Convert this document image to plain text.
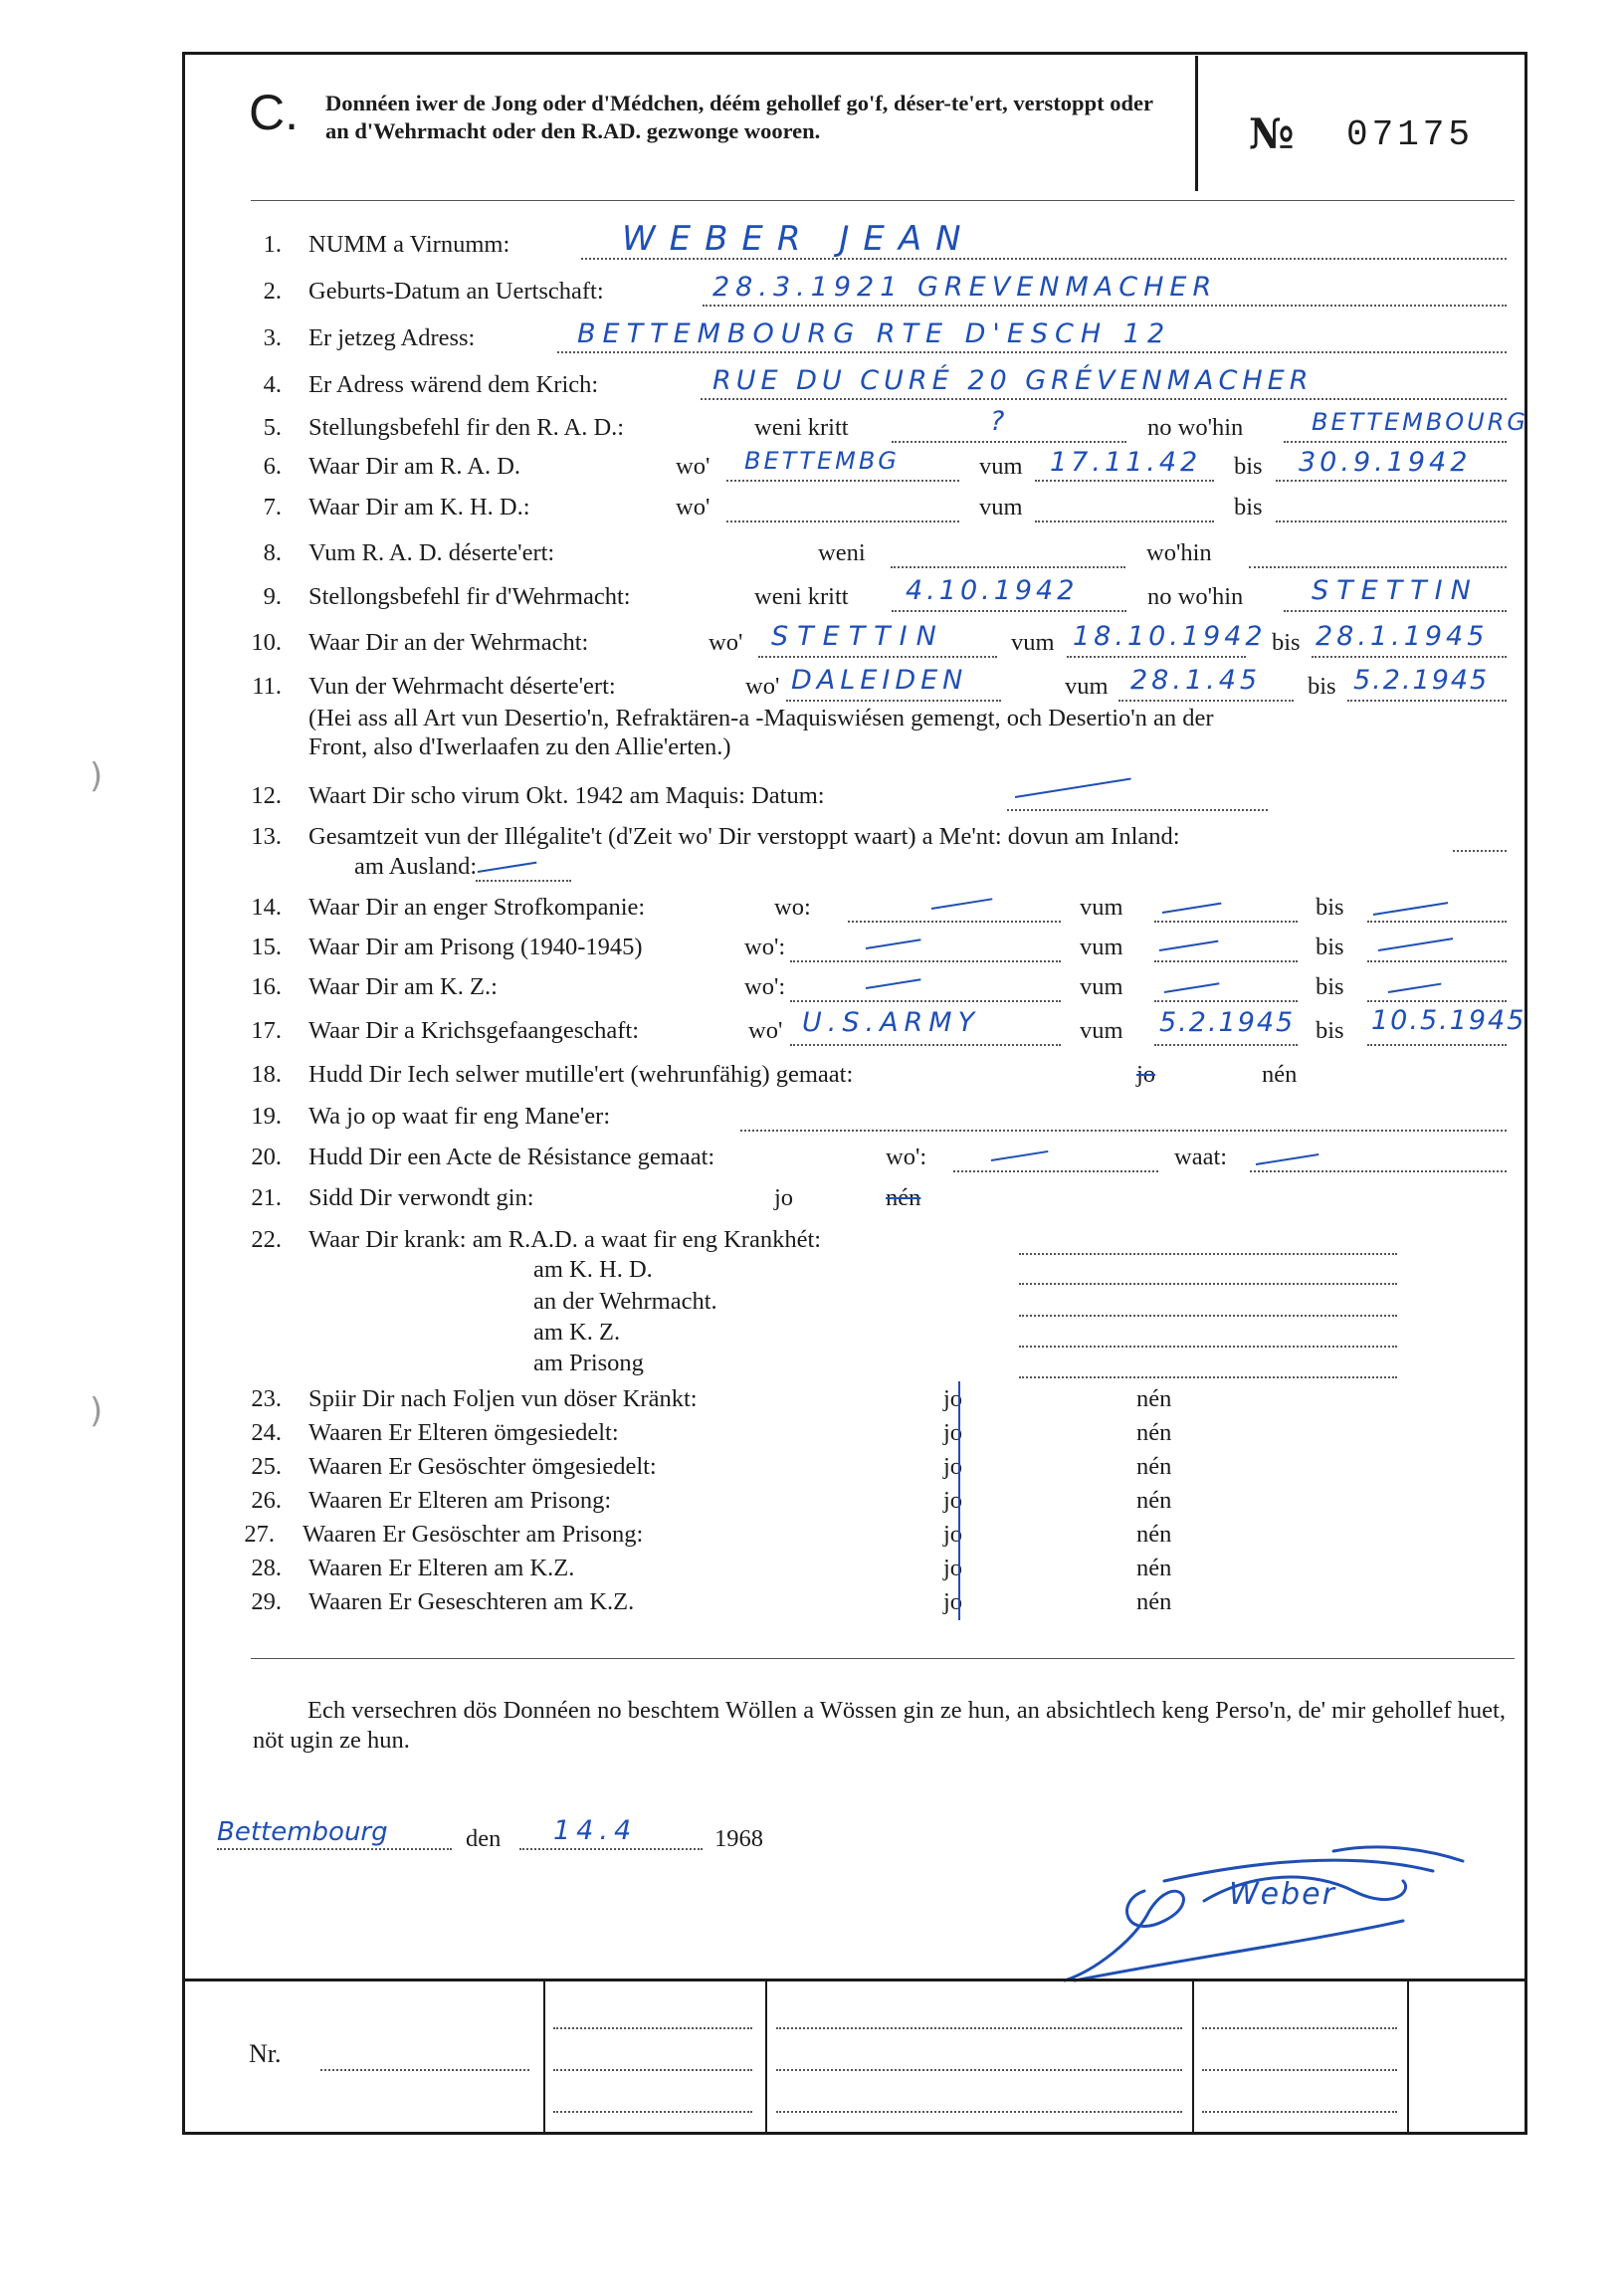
)
)
C. Donnéen iwer de Jong oder d'Médchen, déém gehollef go'f, déser-te'ert, verstoppt oder an d'Wehrmacht oder den R.AD. gezwonge wooren.	№ 07175
1. NUMM a Virnumm:	WEBER JEAN
2. Geburts-Datum an Uertschaft:	28.3.1921 GREVENMACHER
3. Er jetzeg Adress:	BETTEMBOURG RTE D'ESCH 12
4. Er Adress wärend dem Krich:	RUE DU CURÉ 20 GRÉVENMACHER
5. Stellungsbefehl fir den R. A. D.:	weni kritt	?	no wo'hin	BETTEMBOURG
6. Waar Dir am R. A. D.	wo' BETTEMBG	vum 17.11.42 bis 30.9.1942
7. Waar Dir am K. H. D.:	wo'	vum	bis
8. Vum R. A. D. déserte'ert:	weni	wo'hin
9. Stellongsbefehl fir d'Wehrmacht:	weni kritt 4.10.1942	no wo'hin	STETTIN
10. Waar Dir an der Wehrmacht:	wo' STETTIN	vum 18.10.1942 bis 28.1.1945
11. Vun der Wehrmacht déserte'ert:	wo' DALEIDEN	vum 28.1.45 bis 5.2.1945
(Hei ass all Art vun Desertio'n, Refraktären-a -Maquiswiésen gemengt, och Desertio'n an der
Front, also d'Iwerlaafen zu den Allie'erten.)
12. Waart Dir scho virum Okt. 1942 am Maquis: Datum:
13. Gesamtzeit vun der Illégalite't (d'Zeit wo' Dir verstoppt waart) a Me'nt: dovun am Inland:
am Ausland:
14. Waar Dir an enger Strofkompanie:	wo:	vum	bis
15. Waar Dir am Prisong (1940-1945)	wo':	vum	bis
16. Waar Dir am K. Z.:	wo':	vum	bis
17. Waar Dir a Krichsgefaangeschaft:	wo' U.S.ARMY	vum 5.2.1945 bis 10.5.1945
18. Hudd Dir Iech selwer mutille'ert (wehrunfähig) gemaat:	jo	nén
19. Wa jo op waat fir eng Mane'er:
20. Hudd Dir een Acte de Résistance gemaat:	wo':	waat:
21. Sidd Dir verwondt gin:	jo	nén
22. Waar Dir krank: am R.A.D. a waat fir eng Krankhét:
am K. H. D.
an der Wehrmacht.
am K. Z.
am Prisong
23. Spiir Dir nach Foljen vun döser Kränkt:	jo	nén
24. Waaren Er Elteren ömgesiedelt:	jo	nén
25. Waaren Er Gesöschter ömgesiedelt:	jo	nén
26. Waaren Er Elteren am Prisong:	jo	nén
27. Waaren Er Gesöschter am Prisong:	jo	nén
28. Waaren Er Elteren am K.Z.	jo	nén
29. Waaren Er Geseschteren am K.Z.	jo	nén
Ech versechren dös Donnéen no beschtem Wöllen a Wössen gin ze hun, an absichtlech keng Perso'n, de' mir gehollef huet, nöt ugin ze hun.
Bettembourg	den 14.4	1968
Weber
Nr.
